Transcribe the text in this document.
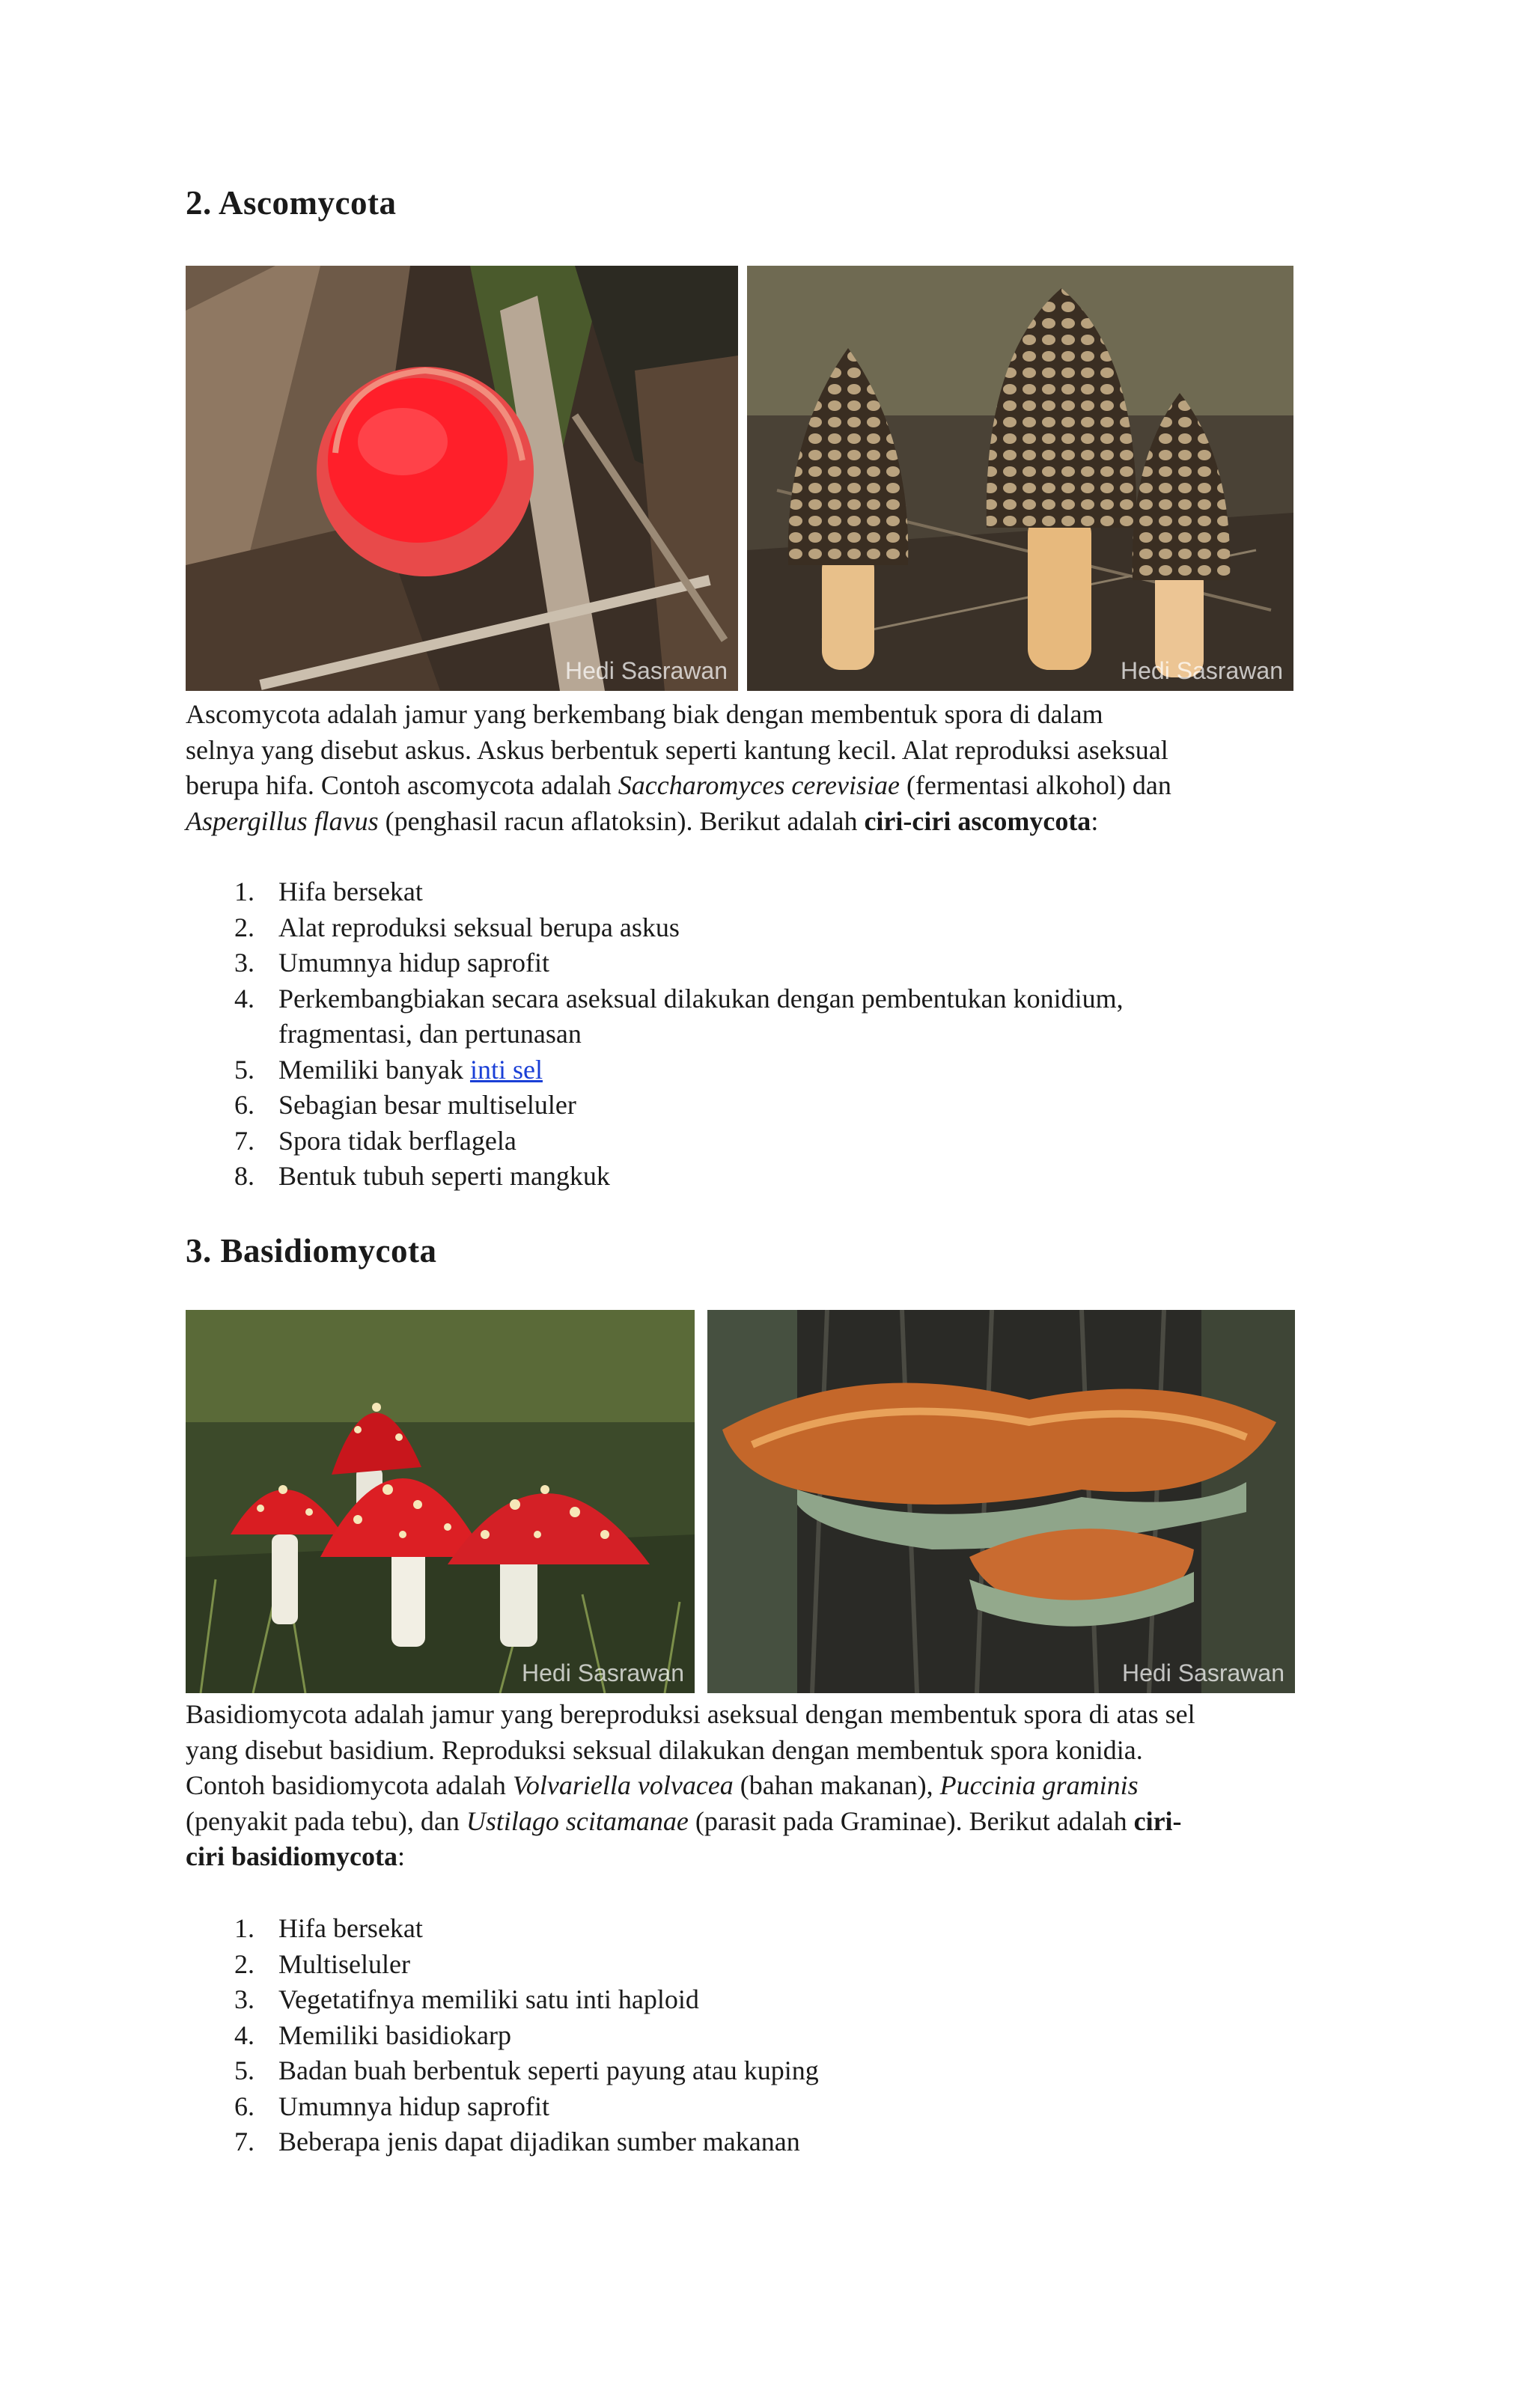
2. Ascomycota
Hedi Sasrawan	Hedi Sasrawan

Ascomycota adalah jamur yang berkembang biak dengan membentuk spora di dalam
selnya yang disebut askus. Askus berbentuk seperti kantung kecil. Alat reproduksi aseksual
berupa hifa. Contoh ascomycota adalah Saccharomyces cerevisiae (fermentasi alkohol) dan
Aspergillus flavus (penghasil racun aflatoksin). Berikut adalah ciri-ciri ascomycota:

1. Hifa bersekat
2. Alat reproduksi seksual berupa askus
3. Umumnya hidup saprofit
4. Perkembangbiakan secara aseksual dilakukan dengan pembentukan konidium,
fragmentasi, dan pertunasan
5. Memiliki banyak inti sel
6. Sebagian besar multiseluler
7. Spora tidak berflagela
8. Bentuk tubuh seperti mangkuk
3. Basidiomycota
Hedi Sasrawan	Hedi Sasrawan

Basidiomycota adalah jamur yang bereproduksi aseksual dengan membentuk spora di atas sel
yang disebut basidium. Reproduksi seksual dilakukan dengan membentuk spora konidia.
Contoh basidiomycota adalah Volvariella volvacea (bahan makanan), Puccinia graminis
(penyakit pada tebu), dan Ustilago scitamanae (parasit pada Graminae). Berikut adalah ciri-
ciri basidiomycota:

1. Hifa bersekat
2. Multiseluler
3. Vegetatifnya memiliki satu inti haploid
4. Memiliki basidiokarp
5. Badan buah berbentuk seperti payung atau kuping
6. Umumnya hidup saprofit
7. Beberapa jenis dapat dijadikan sumber makanan
